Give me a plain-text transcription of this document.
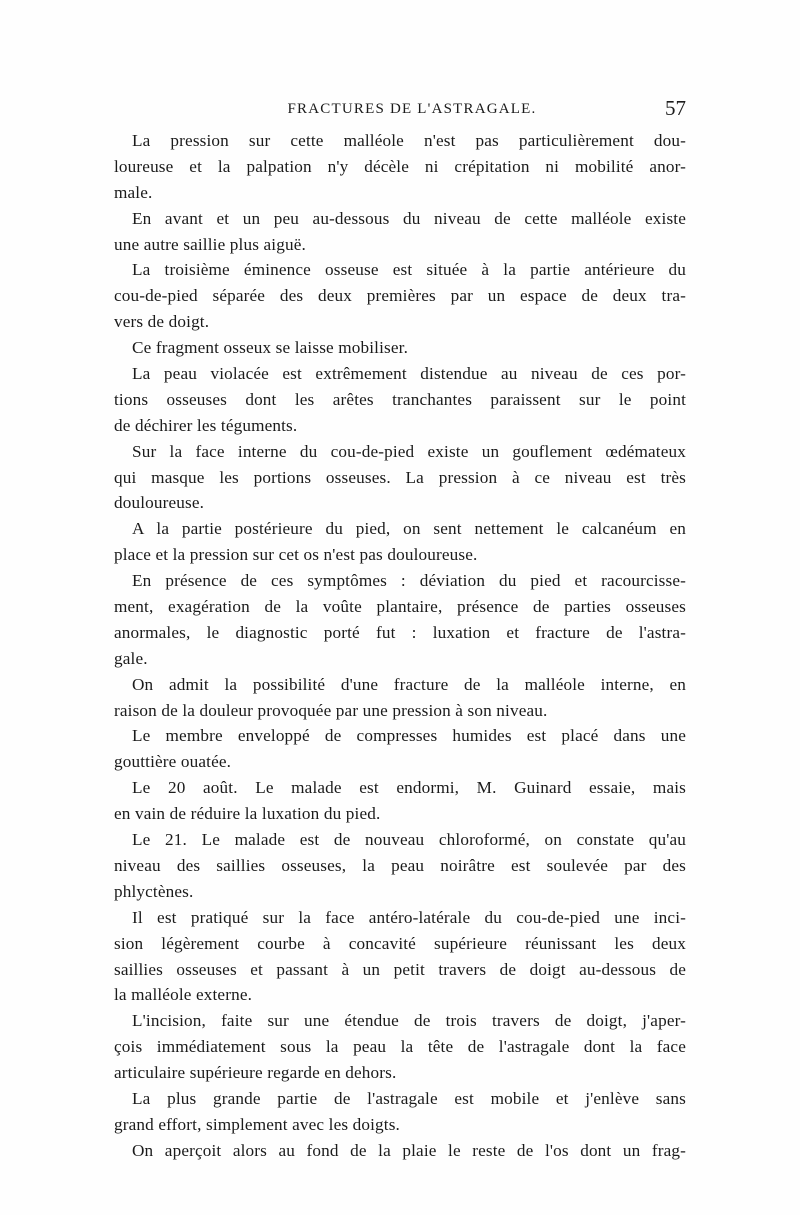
FRACTURES DE L'ASTRAGALE.	57
La pression sur cette malléole n'est pas particulièrement dou-
loureuse et la palpation n'y décèle ni crépitation ni mobilité anor-
male.
En avant et un peu au-dessous du niveau de cette malléole existe
une autre saillie plus aiguë.
La troisième éminence osseuse est située à la partie antérieure du
cou-de-pied séparée des deux premières par un espace de deux tra-
vers de doigt.
Ce fragment osseux se laisse mobiliser.
La peau violacée est extrêmement distendue au niveau de ces por-
tions osseuses dont les arêtes tranchantes paraissent sur le point
de déchirer les téguments.
Sur la face interne du cou-de-pied existe un gouflement œdémateux
qui masque les portions osseuses. La pression à ce niveau est très
douloureuse.
A la partie postérieure du pied, on sent nettement le calcanéum en
place et la pression sur cet os n'est pas douloureuse.
En présence de ces symptômes : déviation du pied et racourcisse-
ment, exagération de la voûte plantaire, présence de parties osseuses
anormales, le diagnostic porté fut : luxation et fracture de l'astra-
gale.
On admit la possibilité d'une fracture de la malléole interne, en
raison de la douleur provoquée par une pression à son niveau.
Le membre enveloppé de compresses humides est placé dans une
gouttière ouatée.
Le 20 août. Le malade est endormi, M. Guinard essaie, mais
en vain de réduire la luxation du pied.
Le 21. Le malade est de nouveau chloroformé, on constate qu'au
niveau des saillies osseuses, la peau noirâtre est soulevée par des
phlyctènes.
Il est pratiqué sur la face antéro-latérale du cou-de-pied une inci-
sion légèrement courbe à concavité supérieure réunissant les deux
saillies osseuses et passant à un petit travers de doigt au-dessous de
la malléole externe.
L'incision, faite sur une étendue de trois travers de doigt, j'aper-
çois immédiatement sous la peau la tête de l'astragale dont la face
articulaire supérieure regarde en dehors.
La plus grande partie de l'astragale est mobile et j'enlève sans
grand effort, simplement avec les doigts.
On aperçoit alors au fond de la plaie le reste de l'os dont un frag-
